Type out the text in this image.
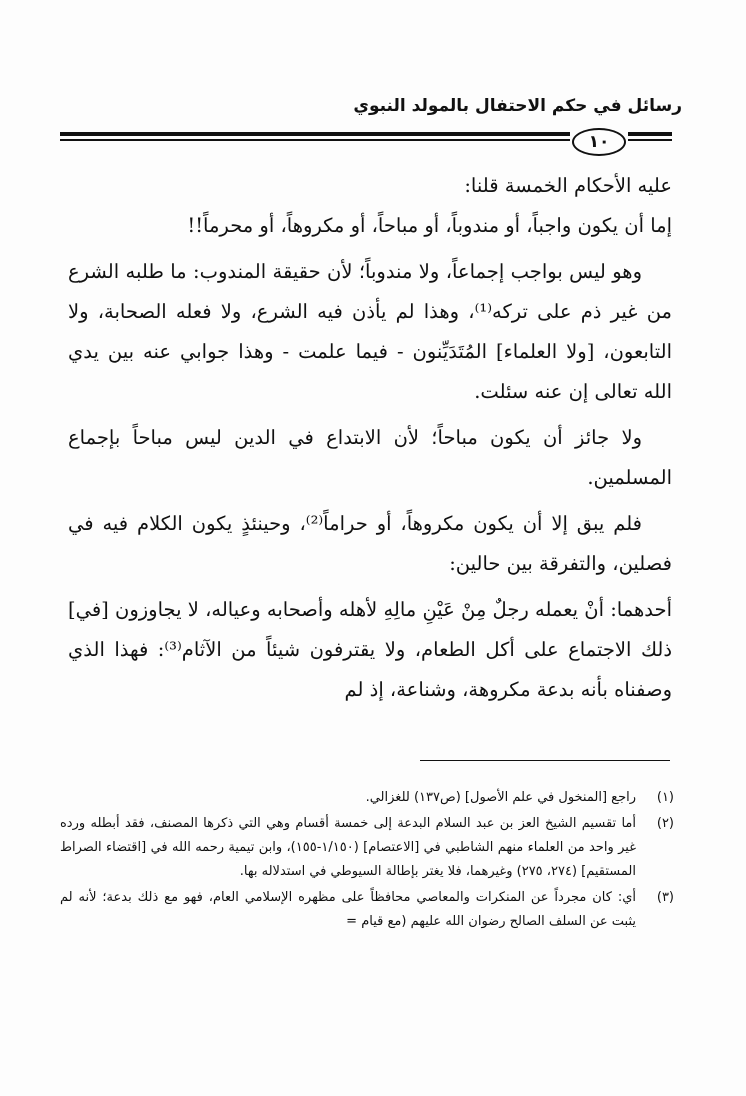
رسائل في حكم الاحتفال بالمولد النبوي
١٠

عليه الأحكام الخمسة قلنا:

إما أن يكون واجباً، أو مندوباً، أو مباحاً، أو مكروهاً، أو محرماً!!

وهو ليس بواجب إجماعاً، ولا مندوباً؛ لأن حقيقة المندوب: ما طلبه الشرع من غير ذم على تركه⁽¹⁾، وهذا لم يأذن فيه الشرع، ولا فعله الصحابة، ولا التابعون، [ولا العلماء] المُتَدَيِّنون - فيما علمت - وهذا جوابي عنه بين يدي الله تعالى إن عنه سئلت.

ولا جائز أن يكون مباحاً؛ لأن الابتداع في الدين ليس مباحاً بإجماع المسلمين.

فلم يبق إلا أن يكون مكروهاً، أو حراماً⁽²⁾، وحينئذٍ يكون الكلام فيه في فصلين، والتفرقة بين حالين:

أحدهما: أنْ يعمله رجلٌ مِنْ عَيْنِ مالِهِ لأهله وأصحابه وعياله، لا يجاوزون [في] ذلك الاجتماع على أكل الطعام، ولا يقترفون شيئاً من الآثام⁽³⁾: فهذا الذي وصفناه بأنه بدعة مكروهة، وشناعة، إذ لم

(١)
راجع [المنخول في علم الأصول] (ص١٣٧) للغزالي.
(٢)
أما تقسيم الشيخ العز بن عبد السلام البدعة إلى خمسة أقسام وهي التي ذكرها المصنف، فقد أبطله ورده غير واحد من العلماء منهم الشاطبي في [الاعتصام] (١/١٥٠-١٥٥)، وابن تيمية رحمه الله في [اقتضاء الصراط المستقيم] (٢٧٤، ٢٧٥) وغيرهما، فلا يغتر بإطالة السيوطي في استدلاله بها.
(٣)
أي: كان مجرداً عن المنكرات والمعاصي محافظاً على مظهره الإسلامي العام، فهو مع ذلك بدعة؛ لأنه لم يثبت عن السلف الصالح رضوان الله عليهم (مع قيام =
